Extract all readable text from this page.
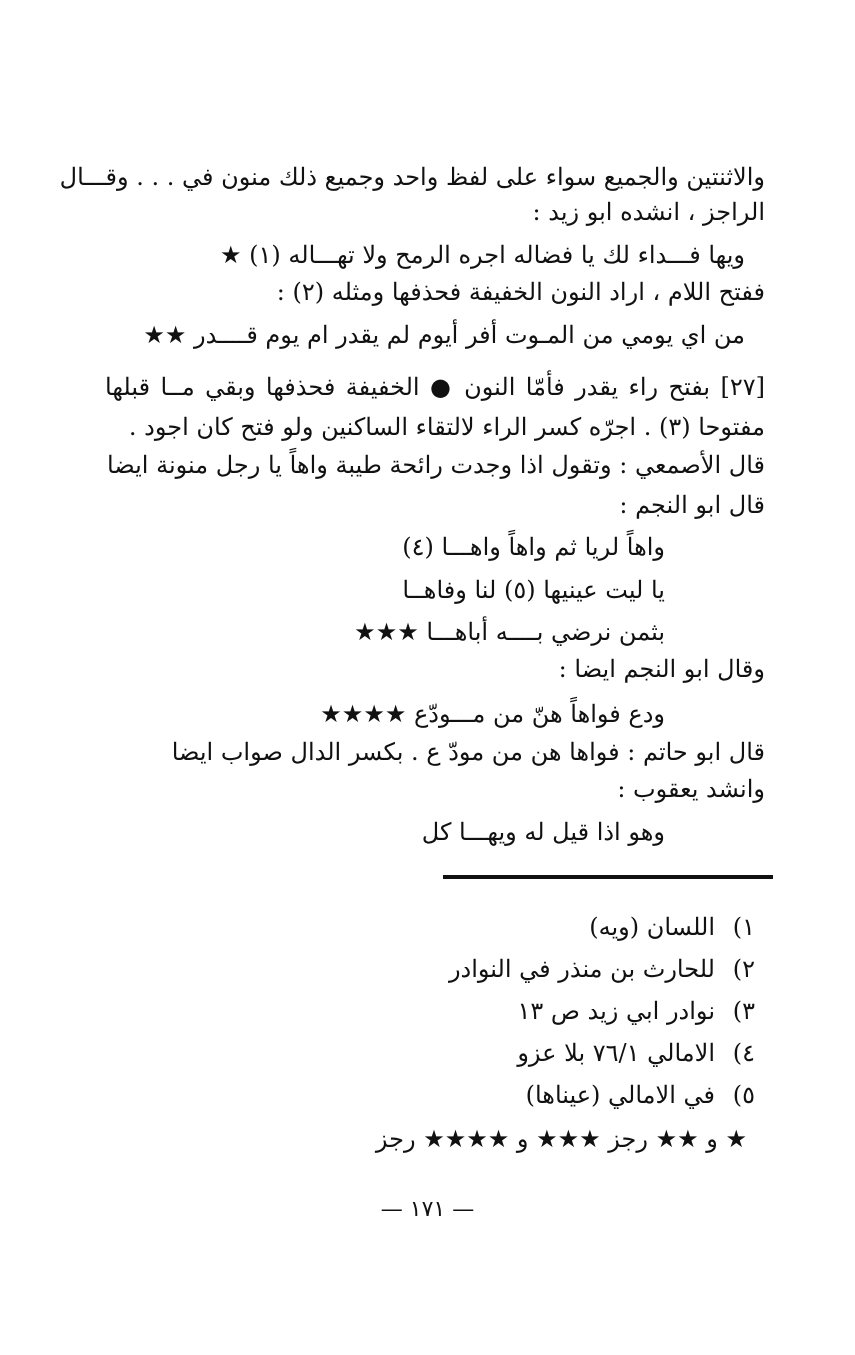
والاثنتين والجميع سواء على لفظ واحد وجميع ذلك منون في . . . وقـــال
الراجز ، انشده ابو زيد :
ويها فـــداء لك يا فضاله اجره الرمح ولا تهـــاله (١) ★
ففتح اللام ، اراد النون الخفيفة فحذفها ومثله (٢) :
من اي يومي من المـوت أفر أيوم لم يقدر ام يوم قــــدر ★★
[٢٧] بفتح راء يقدر فأمّا النون ● الخفيفة فحذفها وبقي مــا قبلها
مفتوحا (٣) . اجرّه كسر الراء لالتقاء الساكنين ولو فتح كان اجود .
قال الأصمعي : وتقول اذا وجدت رائحة طيبة واهاً يا رجل منونة ايضا
قال ابو النجم :
واهاً لريا ثم واهاً واهـــا (٤)
يا ليت عينيها (٥) لنا وفاهــا
بثمن نرضي بــــه أباهـــا ★★★
وقال ابو النجم ايضا :
ودع فواهاً هنّ من مـــودّع ★★★★
قال ابو حاتم : فواها هن من مودّ ع . بكسر الدال صواب ايضا
وانشد يعقوب :
وهو اذا قيل له ويهـــا كل
١)
اللسان (ويه)
٢)
للحارث بن منذر في النوادر
٣)
نوادر ابي زيد ص ١٣
٤)
الامالي ٧٦/١ بلا عزو
٥)
في الامالي (عيناها)
★ و ★★ رجز ★★★ و ★★★★ رجز
— ١٧١ —
